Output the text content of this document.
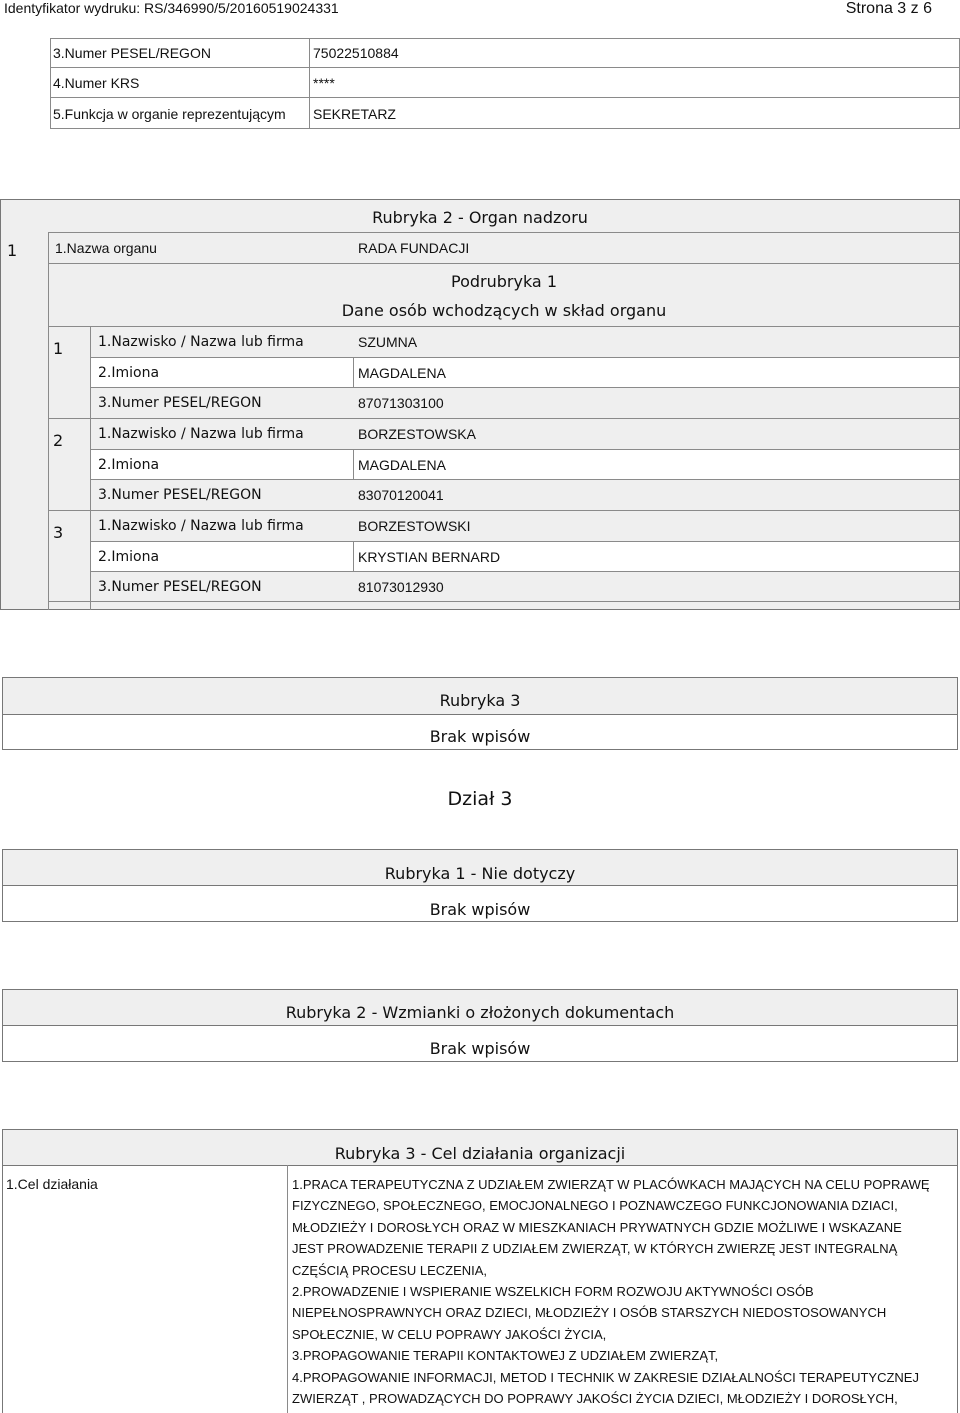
Identyfikator wydruku: RS/346990/5/20160519024331	Strona 3 z 6
3.Numer PESEL/REGON	75022510884
4.Numer KRS	****
5.Funkcja w organie reprezentującym SEKRETARZ
Rubryka 2 - Organ nadzoru
1	1.Nazwa organu	RADA FUNDACJI
Podrubryka 1
Dane osób wchodzących w skład organu
1 1.Nazwisko / Nazwa lub firma	SZUMNA
2.Imiona	MAGDALENA
3.Numer PESEL/REGON	87071303100
2 1.Nazwisko / Nazwa lub firma	BORZESTOWSKA
2.Imiona	MAGDALENA
3.Numer PESEL/REGON	83070120041
3 1.Nazwisko / Nazwa lub firma	BORZESTOWSKI
2.Imiona	KRYSTIAN BERNARD
3.Numer PESEL/REGON	81073012930
Rubryka 3
Brak wpisów
Dział 3
Rubryka 1 - Nie dotyczy
Brak wpisów
Rubryka 2 - Wzmianki o złożonych dokumentach
Brak wpisów
Rubryka 3 - Cel działania organizacji
1.Cel działania	1.PRACA TERAPEUTYCZNA Z UDZIAŁEM ZWIERZĄT W PLACÓWKACH MAJĄCYCH NA CELU POPRAWĘ
FIZYCZNEGO, SPOŁECZNEGO, EMOCJONALNEGO I POZNAWCZEGO FUNKCJONOWANIA DZIACI,
MŁODZIEŻY I DOROSŁYCH ORAZ W MIESZKANIACH PRYWATNYCH GDZIE MOŻLIWE I WSKAZANE
JEST PROWADZENIE TERAPII Z UDZIAŁEM ZWIERZĄT, W KTÓRYCH ZWIERZĘ JEST INTEGRALNĄ
CZĘŚCIĄ PROCESU LECZENIA,
2.PROWADZENIE I WSPIERANIE WSZELKICH FORM ROZWOJU AKTYWNOŚCI OSÓB
NIEPEŁNOSPRAWNYCH ORAZ DZIECI, MŁODZIEŻY I OSÓB STARSZYCH NIEDOSTOSOWANYCH
SPOŁECZNIE, W CELU POPRAWY JAKOŚCI ŻYCIA,
3.PROPAGOWANIE TERAPII KONTAKTOWEJ Z UDZIAŁEM ZWIERZĄT,
4.PROPAGOWANIE INFORMACJI, METOD I TECHNIK W ZAKRESIE DZIAŁALNOŚCI TERAPEUTYCZNEJ
ZWIERZĄT , PROWADZĄCYCH DO POPRAWY JAKOŚCI ŻYCIA DZIECI, MŁODZIEŻY I DOROSŁYCH,
